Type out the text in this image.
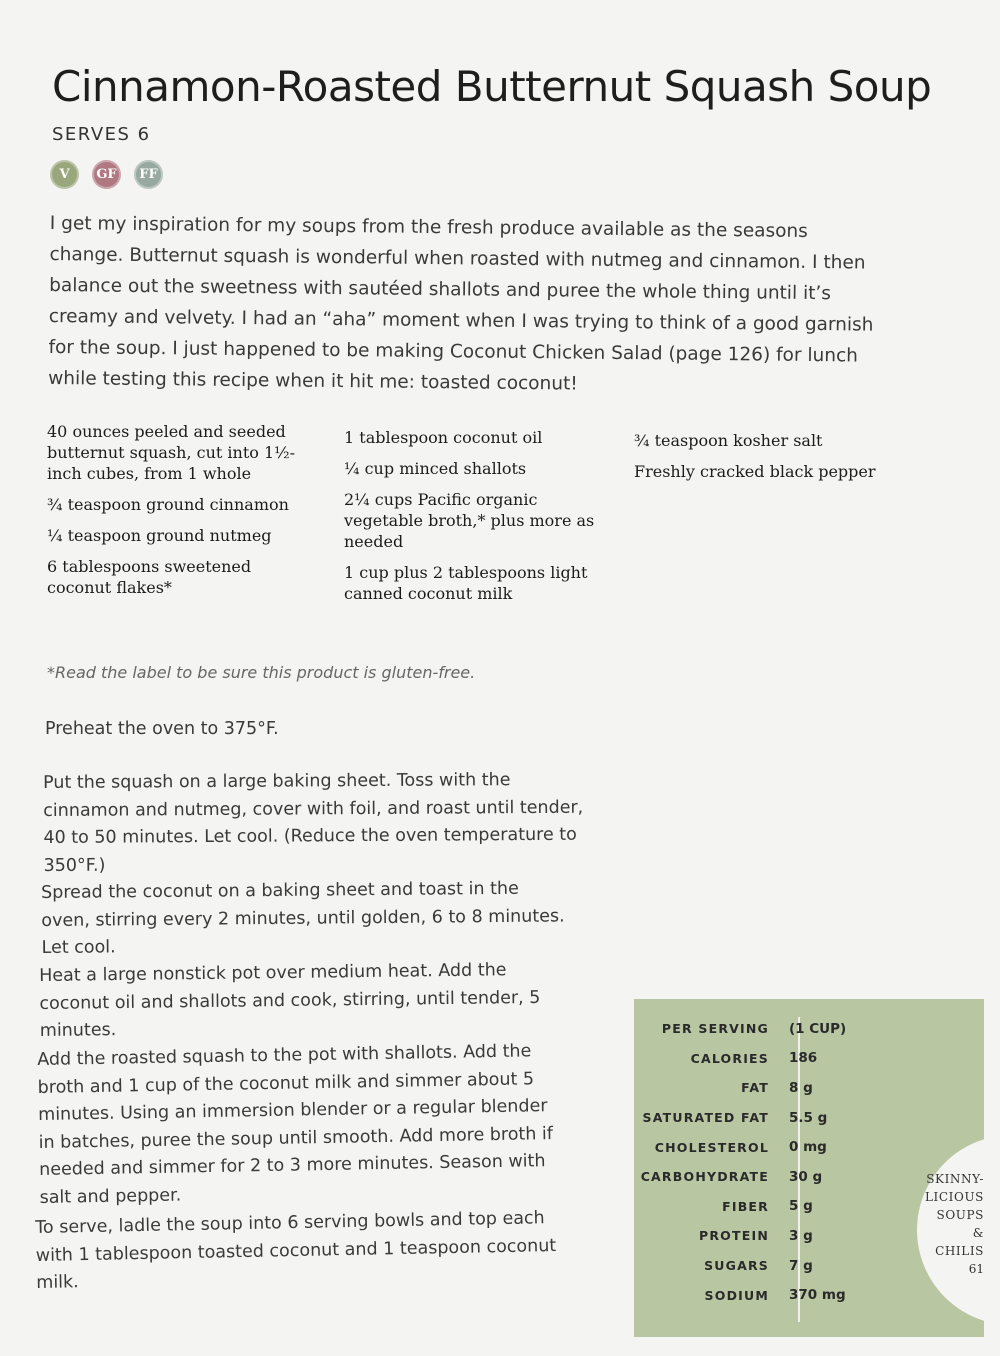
Cinnamon-Roasted Butternut Squash Soup
SERVES 6
V	GF	FF

I get my inspiration for my soups from the fresh produce available as the seasons change. Butternut squash is wonderful when roasted with nutmeg and cinnamon. I then balance out the sweetness with sautéed shallots and puree the whole thing until it’s creamy and velvety. I had an “aha” moment when I was trying to think of a good garnish for the soup. I just happened to be making Coconut Chicken Salad (page 126) for lunch while testing this recipe when it hit me: toasted coconut!

40 ounces peeled and seeded butternut squash, cut into 1½-inch cubes, from 1 whole
¾ teaspoon ground cinnamon
¼ teaspoon ground nutmeg
6 tablespoons sweetened coconut flakes*
1 tablespoon coconut oil
¼ cup minced shallots
2¼ cups Pacific organic vegetable broth,* plus more as needed
1 cup plus 2 tablespoons light canned coconut milk
¾ teaspoon kosher salt
Freshly cracked black pepper
*Read the label to be sure this product is gluten-free.

Preheat the oven to 375°F.

Put the squash on a large baking sheet. Toss with the cinnamon and nutmeg, cover with foil, and roast until tender, 40 to 50 minutes. Let cool. (Reduce the oven temperature to 350°F.)

Spread the coconut on a baking sheet and toast in the oven, stirring every 2 minutes, until golden, 6 to 8 minutes. Let cool.

Heat a large nonstick pot over medium heat. Add the coconut oil and shallots and cook, stirring, until tender, 5 minutes.

Add the roasted squash to the pot with shallots. Add the broth and 1 cup of the coconut milk and simmer about 5 minutes. Using an immersion blender or a regular blender in batches, puree the soup until smooth. Add more broth if needed and simmer for 2 to 3 more minutes. Season with salt and pepper.

To serve, ladle the soup into 6 serving bowls and top each with 1 tablespoon toasted coconut and 1 teaspoon coconut milk.

PER SERVING	(1 CUP)
CALORIES	186
FAT	8 g
SATURATED FAT	5.5 g
CHOLESTEROL	0 mg
CARBOHYDRATE	30 g
FIBER	5 g
PROTEIN	3 g
SUGARS	7 g
SODIUM	370 mg
SKINNY-
LICIOUS
SOUPS
& CHILIS
61
